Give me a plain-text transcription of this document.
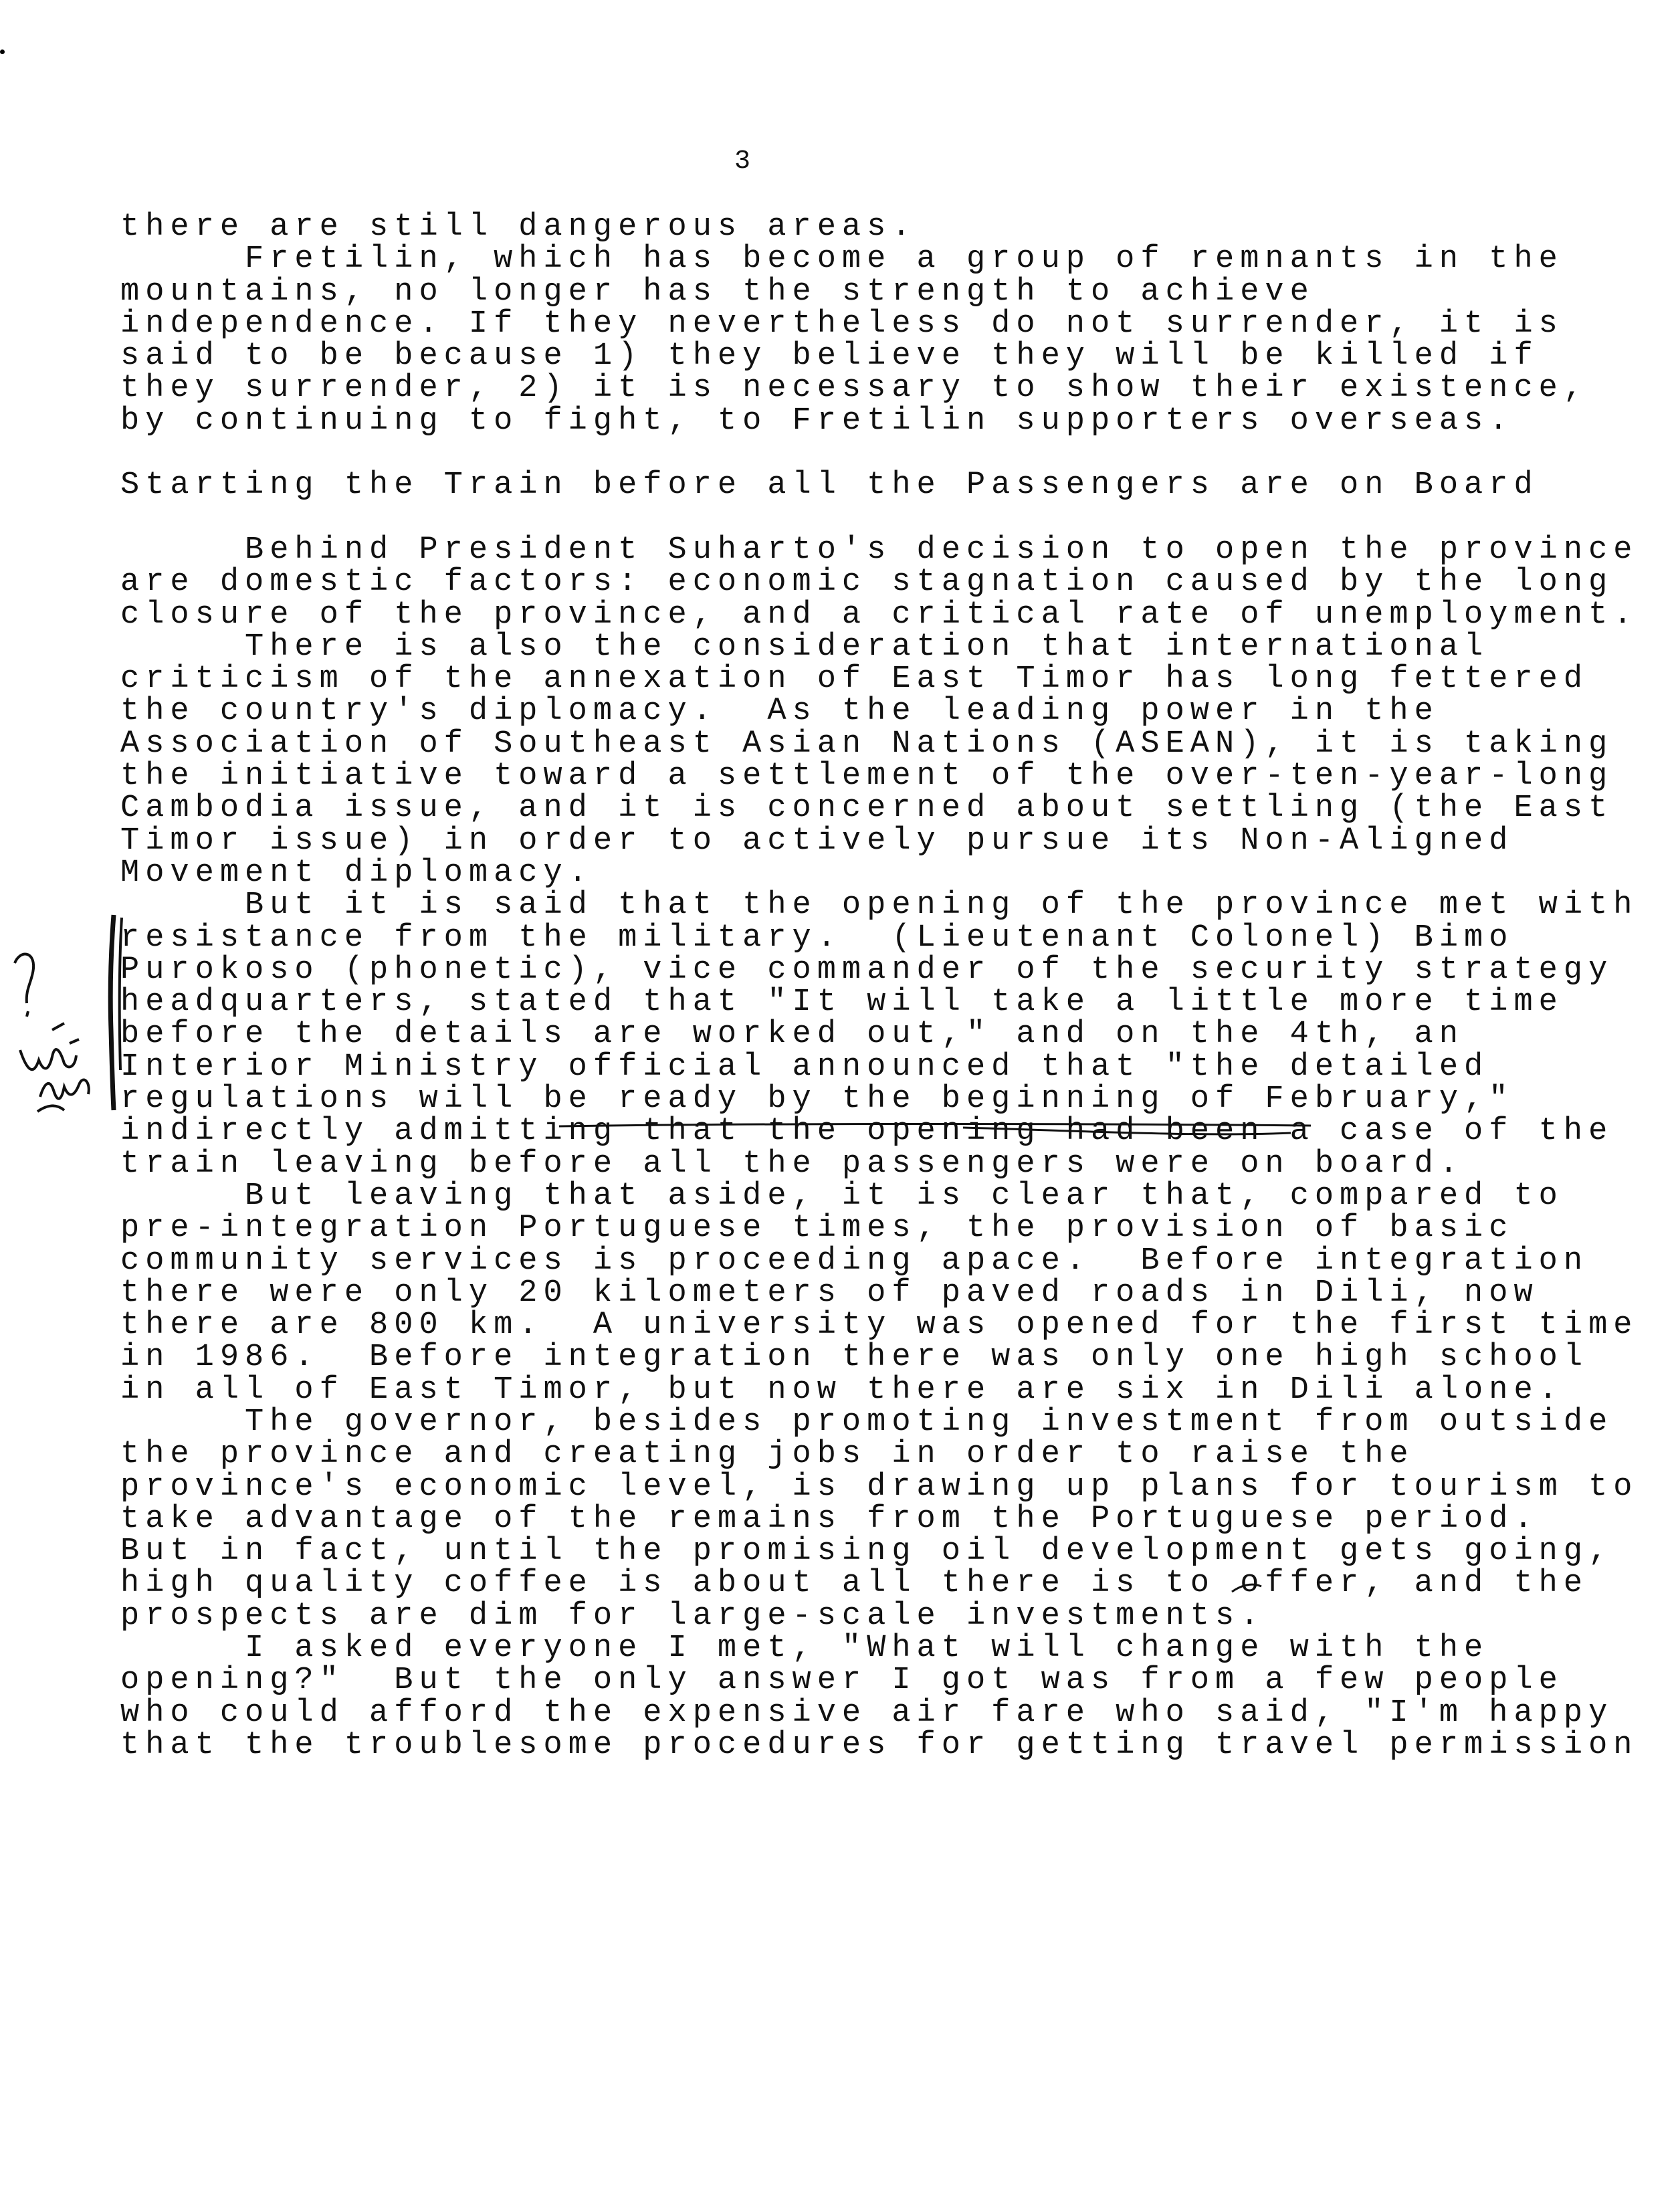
3
there are still dangerous areas.
Fretilin, which has become a group of remnants in the
mountains, no longer has the strength to achieve
independence. If they nevertheless do not surrender, it is
said to be because 1) they believe they will be killed if
they surrender, 2) it is necessary to show their existence,
by continuing to fight, to Fretilin supporters overseas.
Starting the Train before all the Passengers are on Board
Behind President Suharto's decision to open the province
are domestic factors: economic stagnation caused by the long
closure of the province, and a critical rate of unemployment.
There is also the consideration that international
criticism of the annexation of East Timor has long fettered
the country's diplomacy.  As the leading power in the
Association of Southeast Asian Nations (ASEAN), it is taking
the initiative toward a settlement of the over-ten-year-long
Cambodia issue, and it is concerned about settling (the East
Timor issue) in order to actively pursue its Non-Aligned
Movement diplomacy.
But it is said that the opening of the province met with
resistance from the military.  (Lieutenant Colonel) Bimo
Purokoso (phonetic), vice commander of the security strategy
headquarters, stated that "It will take a little more time
before the details are worked out," and on the 4th, an
Interior Ministry official announced that "the detailed
regulations will be ready by the beginning of February,"
indirectly admitting that the opening had been a case of the
train leaving before all the passengers were on board.
But leaving that aside, it is clear that, compared to
pre-integration Portuguese times, the provision of basic
community services is proceeding apace.  Before integration
there were only 20 kilometers of paved roads in Dili, now
there are 800 km.  A university was opened for the first time
in 1986.  Before integration there was only one high school
in all of East Timor, but now there are six in Dili alone.
The governor, besides promoting investment from outside
the province and creating jobs in order to raise the
province's economic level, is drawing up plans for tourism to
take advantage of the remains from the Portuguese period.
But in fact, until the promising oil development gets going,
high quality coffee is about all there is to offer, and the
prospects are dim for large-scale investments.
I asked everyone I met, "What will change with the
opening?"  But the only answer I got was from a few people
who could afford the expensive air fare who said, "I'm happy
that the troublesome procedures for getting travel permission
